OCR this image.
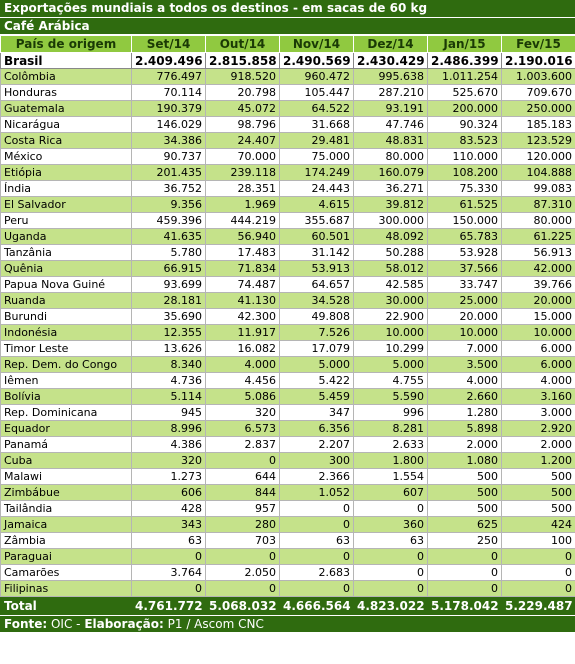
Exportações mundiais a todos os destinos - em sacas de 60 kg
Café Arábica
País de origem	Set/14	Out/14	Nov/14	Dez/14	Jan/15	Fev/15
Brasil	2.409.496	2.815.858	2.490.569	2.430.429	2.486.399	2.190.016
Colômbia	776.497	918.520	960.472	995.638	1.011.254	1.003.600
Honduras	70.114	20.798	105.447	287.210	525.670	709.670
Guatemala	190.379	45.072	64.522	93.191	200.000	250.000
Nicarágua	146.029	98.796	31.668	47.746	90.324	185.183
Costa Rica	34.386	24.407	29.481	48.831	83.523	123.529
México	90.737	70.000	75.000	80.000	110.000	120.000
Etiópia	201.435	239.118	174.249	160.079	108.200	104.888
Índia	36.752	28.351	24.443	36.271	75.330	99.083
El Salvador	9.356	1.969	4.615	39.812	61.525	87.310
Peru	459.396	444.219	355.687	300.000	150.000	80.000
Uganda	41.635	56.940	60.501	48.092	65.783	61.225
Tanzânia	5.780	17.483	31.142	50.288	53.928	56.913
Quênia	66.915	71.834	53.913	58.012	37.566	42.000
Papua Nova Guiné	93.699	74.487	64.657	42.585	33.747	39.766
Ruanda	28.181	41.130	34.528	30.000	25.000	20.000
Burundi	35.690	42.300	49.808	22.900	20.000	15.000
Indonésia	12.355	11.917	7.526	10.000	10.000	10.000
Timor Leste	13.626	16.082	17.079	10.299	7.000	6.000
Rep. Dem. do Congo	8.340	4.000	5.000	5.000	3.500	6.000
Iêmen	4.736	4.456	5.422	4.755	4.000	4.000
Bolívia	5.114	5.086	5.459	5.590	2.660	3.160
Rep. Dominicana	945	320	347	996	1.280	3.000
Equador	8.996	6.573	6.356	8.281	5.898	2.920
Panamá	4.386	2.837	2.207	2.633	2.000	2.000
Cuba	320	0	300	1.800	1.080	1.200
Malawi	1.273	644	2.366	1.554	500	500
Zimbábue	606	844	1.052	607	500	500
Tailândia	428	957	0	0	500	500
Jamaica	343	280	0	360	625	424
Zâmbia	63	703	63	63	250	100
Paraguai	0	0	0	0	0	0
Camarões	3.764	2.050	2.683	0	0	0
Filipinas	0	0	0	0	0	0
Total	4.761.772	5.068.032	4.666.564	4.823.022	5.178.042	5.229.487
Fonte: OIC - Elaboração: P1 / Ascom CNC
